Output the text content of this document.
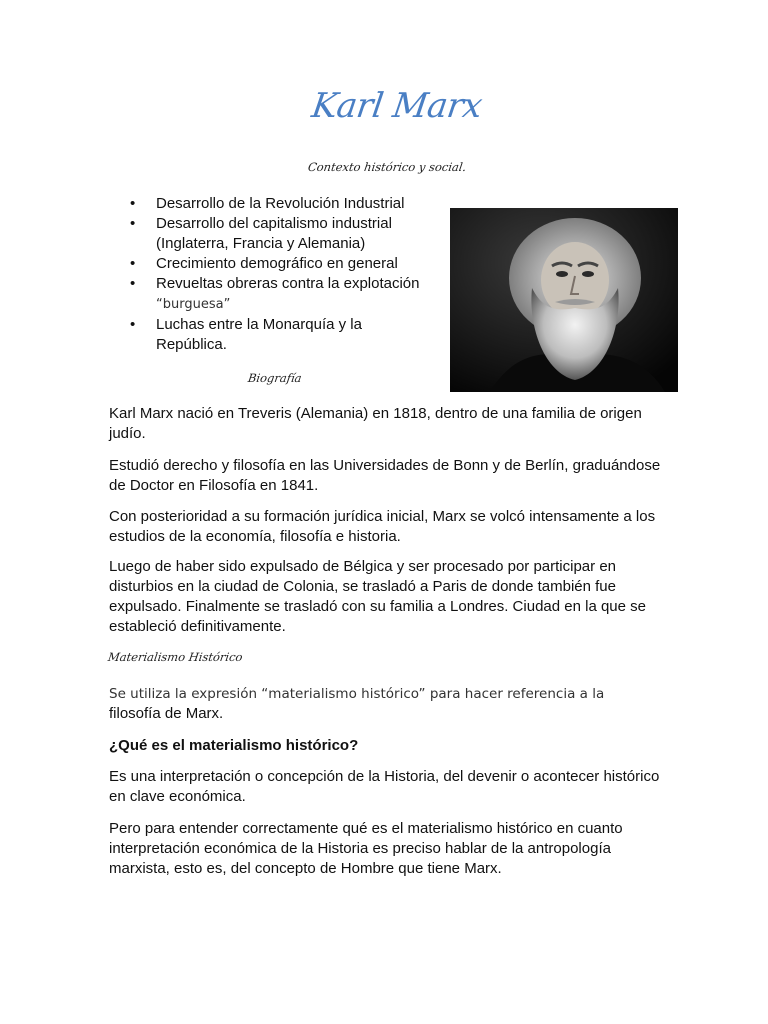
Karl Marx
Contexto histórico y social.
• Desarrollo de la Revolución Industrial
• Desarrollo del capitalismo industrial (Inglaterra, Francia y Alemania)
• Crecimiento demográfico en general
• Revueltas obreras contra la explotación
“burguesa”
• Luchas entre la Monarquía y la República.
Biografía

Karl Marx nació en Treveris (Alemania) en 1818, dentro de una familia de origen judío.

Estudió derecho y filosofía en las Universidades de Bonn y de Berlín, graduándose de Doctor en Filosofía en 1841.

Con posterioridad a su formación jurídica inicial, Marx se volcó intensamente a los estudios de la economía, filosofía e historia.

Luego de haber sido expulsado de Bélgica y ser procesado por participar en disturbios en la ciudad de Colonia, se trasladó a Paris de donde también fue expulsado. Finalmente se trasladó con su familia a Londres. Ciudad en la que se estableció definitivamente.

Materialismo Histórico

Se utiliza la expresión “materialismo histórico” para hacer referencia a la
filosofía de Marx.

¿Qué es el materialismo histórico?

Es una interpretación o concepción de la Historia, del devenir o acontecer histórico en clave económica.

Pero para entender correctamente qué es el materialismo histórico en cuanto interpretación económica de la Historia es preciso hablar de la antropología marxista, esto es, del concepto de Hombre que tiene Marx.
